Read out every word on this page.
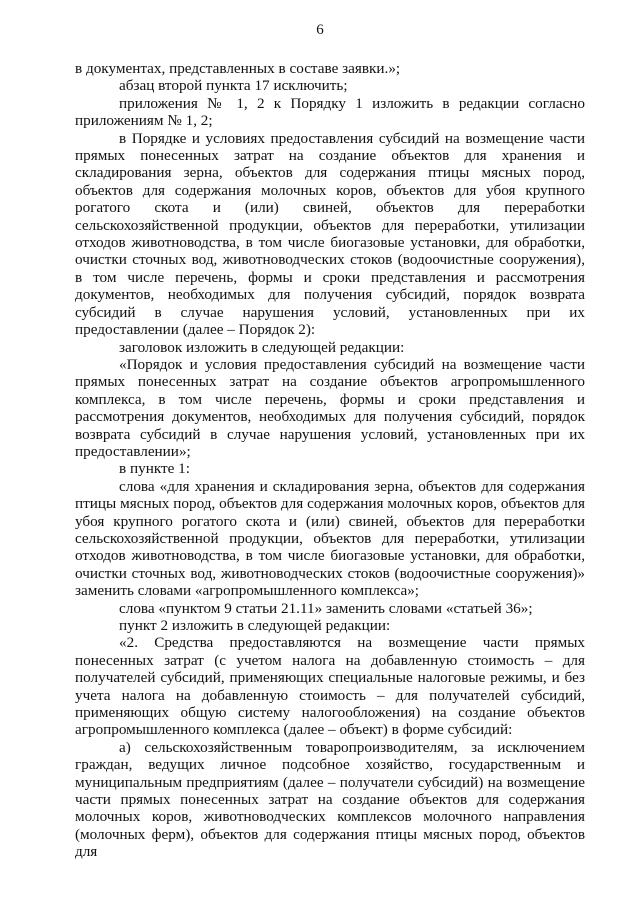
6

в документах, представленных в составе заявки.»;

абзац второй пункта 17 исключить;

приложения № 1, 2 к Порядку 1 изложить в редакции согласно приложениям № 1, 2;

в Порядке и условиях предоставления субсидий на возмещение части прямых понесенных затрат на создание объектов для хранения и складирования зерна, объектов для содержания птицы мясных пород, объектов для содержания молочных коров, объектов для убоя крупного рогатого скота и (или) свиней, объектов для переработки сельскохозяйственной продукции, объектов для переработки, утилизации отходов животноводства, в том числе биогазовые установки, для обработки, очистки сточных вод, животноводческих стоков (водоочистные сооружения), в том числе перечень, формы и сроки представления и рассмотрения документов, необходимых для получения субсидий, порядок возврата субсидий в случае нарушения условий, установленных при их предоставлении (далее – Порядок 2):

заголовок изложить в следующей редакции:

«Порядок и условия предоставления субсидий на возмещение части прямых понесенных затрат на создание объектов агропромышленного комплекса, в том числе перечень, формы и сроки представления и рассмотрения документов, необходимых для получения субсидий, порядок возврата субсидий в случае нарушения условий, установленных при их предоставлении»;

в пункте 1:

слова «для хранения и складирования зерна, объектов для содержания птицы мясных пород, объектов для содержания молочных коров, объектов для убоя крупного рогатого скота и (или) свиней, объектов для переработки сельскохозяйственной продукции, объектов для переработки, утилизации отходов животноводства, в том числе биогазовые установки, для обработки, очистки сточных вод, животноводческих стоков (водоочистные сооружения)» заменить словами «агропромышленного комплекса»;

слова «пунктом 9 статьи 21.11» заменить словами «статьей 36»;

пункт 2 изложить в следующей редакции:

«2. Средства предоставляются на возмещение части прямых понесенных затрат (с учетом налога на добавленную стоимость – для получателей субсидий, применяющих специальные налоговые режимы, и без учета налога на добавленную стоимость – для получателей субсидий, применяющих общую систему налогообложения) на создание объектов агропромышленного комплекса (далее – объект) в форме субсидий:

а) сельскохозяйственным товаропроизводителям, за исключением граждан, ведущих личное подсобное хозяйство, государственным и муниципальным предприятиям (далее – получатели субсидий) на возмещение части прямых понесенных затрат на создание объектов для содержания молочных коров, животноводческих комплексов молочного направления (молочных ферм), объектов для содержания птицы мясных пород, объектов для
